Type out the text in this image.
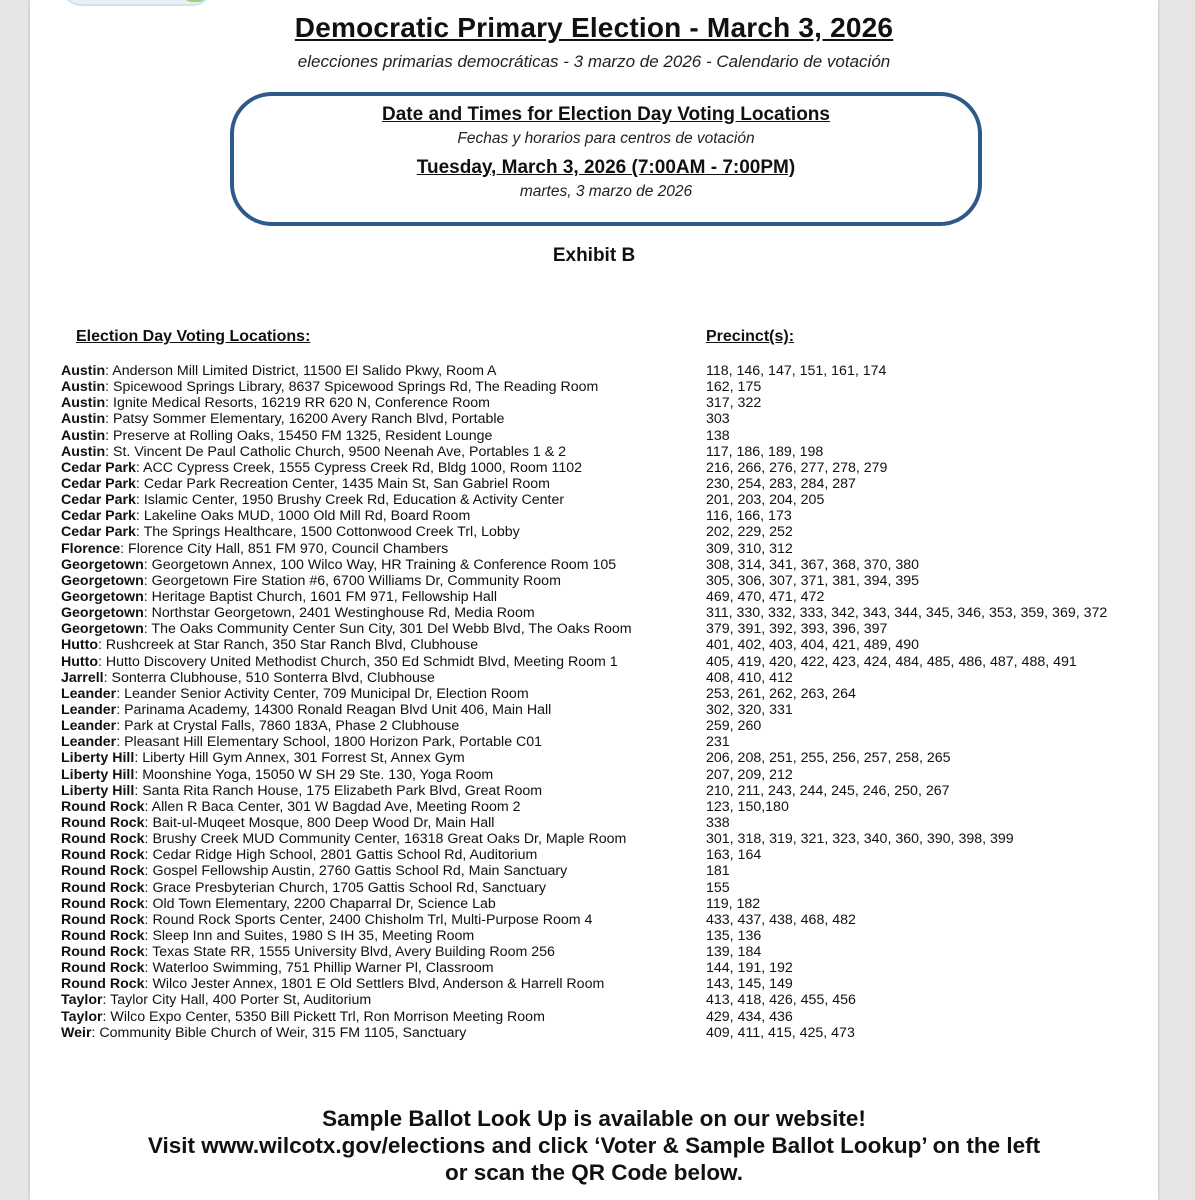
Democratic Primary Election - March 3, 2026
elecciones primarias democráticas - 3 marzo de 2026 - Calendario de votación
Date and Times for Election Day Voting Locations
Fechas y horarios para centros de votación
Tuesday, March 3, 2026 (7:00AM - 7:00PM)
martes, 3 marzo de 2026
Exhibit B
Election Day Voting Locations:	Precinct(s):
Austin: Anderson Mill Limited District, 11500 El Salido Pkwy, Room A	118, 146, 147, 151, 161, 174
Austin: Spicewood Springs Library, 8637 Spicewood Springs Rd, The Reading Room	162, 175
Austin: Ignite Medical Resorts, 16219 RR 620 N, Conference Room	317, 322
Austin: Patsy Sommer Elementary, 16200 Avery Ranch Blvd, Portable	303
Austin: Preserve at Rolling Oaks, 15450 FM 1325, Resident Lounge	138
Austin: St. Vincent De Paul Catholic Church, 9500 Neenah Ave, Portables 1 & 2	117, 186, 189, 198
Cedar Park: ACC Cypress Creek, 1555 Cypress Creek Rd, Bldg 1000, Room 1102	216, 266, 276, 277, 278, 279
Cedar Park: Cedar Park Recreation Center, 1435 Main St, San Gabriel Room	230, 254, 283, 284, 287
Cedar Park: Islamic Center, 1950 Brushy Creek Rd, Education & Activity Center	201, 203, 204, 205
Cedar Park: Lakeline Oaks MUD, 1000 Old Mill Rd, Board Room	116, 166, 173
Cedar Park: The Springs Healthcare, 1500 Cottonwood Creek Trl, Lobby	202, 229, 252
Florence: Florence City Hall, 851 FM 970, Council Chambers	309, 310, 312
Georgetown: Georgetown Annex, 100 Wilco Way, HR Training & Conference Room 105	308, 314, 341, 367, 368, 370, 380
Georgetown: Georgetown Fire Station #6, 6700 Williams Dr, Community Room	305, 306, 307, 371, 381, 394, 395
Georgetown: Heritage Baptist Church, 1601 FM 971, Fellowship Hall	469, 470, 471, 472
Georgetown: Northstar Georgetown, 2401 Westinghouse Rd, Media Room	311, 330, 332, 333, 342, 343, 344, 345, 346, 353, 359, 369, 372
Georgetown: The Oaks Community Center Sun City, 301 Del Webb Blvd, The Oaks Room	379, 391, 392, 393, 396, 397
Hutto: Rushcreek at Star Ranch, 350 Star Ranch Blvd, Clubhouse	401, 402, 403, 404, 421, 489, 490
Hutto: Hutto Discovery United Methodist Church, 350 Ed Schmidt Blvd, Meeting Room 1	405, 419, 420, 422, 423, 424, 484, 485, 486, 487, 488, 491
Jarrell: Sonterra Clubhouse, 510 Sonterra Blvd, Clubhouse	408, 410, 412
Leander: Leander Senior Activity Center, 709 Municipal Dr, Election Room	253, 261, 262, 263, 264
Leander: Parinama Academy, 14300 Ronald Reagan Blvd Unit 406, Main Hall	302, 320, 331
Leander: Park at Crystal Falls, 7860 183A, Phase 2 Clubhouse	259, 260
Leander: Pleasant Hill Elementary School, 1800 Horizon Park, Portable C01	231
Liberty Hill: Liberty Hill Gym Annex, 301 Forrest St, Annex Gym	206, 208, 251, 255, 256, 257, 258, 265
Liberty Hill: Moonshine Yoga, 15050 W SH 29 Ste. 130, Yoga Room	207, 209, 212
Liberty Hill: Santa Rita Ranch House, 175 Elizabeth Park Blvd, Great Room	210, 211, 243, 244, 245, 246, 250, 267
Round Rock: Allen R Baca Center, 301 W Bagdad Ave, Meeting Room 2	123, 150,180
Round Rock: Bait-ul-Muqeet Mosque, 800 Deep Wood Dr, Main Hall	338
Round Rock: Brushy Creek MUD Community Center, 16318 Great Oaks Dr, Maple Room	301, 318, 319, 321, 323, 340, 360, 390, 398, 399
Round Rock: Cedar Ridge High School, 2801 Gattis School Rd, Auditorium	163, 164
Round Rock: Gospel Fellowship Austin, 2760 Gattis School Rd, Main Sanctuary	181
Round Rock: Grace Presbyterian Church, 1705 Gattis School Rd, Sanctuary	155
Round Rock: Old Town Elementary, 2200 Chaparral Dr, Science Lab	119, 182
Round Rock: Round Rock Sports Center, 2400 Chisholm Trl, Multi-Purpose Room 4	433, 437, 438, 468, 482
Round Rock: Sleep Inn and Suites, 1980 S IH 35, Meeting Room	135, 136
Round Rock: Texas State RR, 1555 University Blvd, Avery Building Room 256	139, 184
Round Rock: Waterloo Swimming, 751 Phillip Warner Pl, Classroom	144, 191, 192
Round Rock: Wilco Jester Annex, 1801 E Old Settlers Blvd, Anderson & Harrell Room	143, 145, 149
Taylor: Taylor City Hall, 400 Porter St, Auditorium	413, 418, 426, 455, 456
Taylor: Wilco Expo Center, 5350 Bill Pickett Trl, Ron Morrison Meeting Room	429, 434, 436
Weir: Community Bible Church of Weir, 315 FM 1105, Sanctuary	409, 411, 415, 425, 473
Sample Ballot Look Up is available on our website!
Visit www.wilcotx.gov/elections and click ‘Voter & Sample Ballot Lookup’ on the left
or scan the QR Code below.
